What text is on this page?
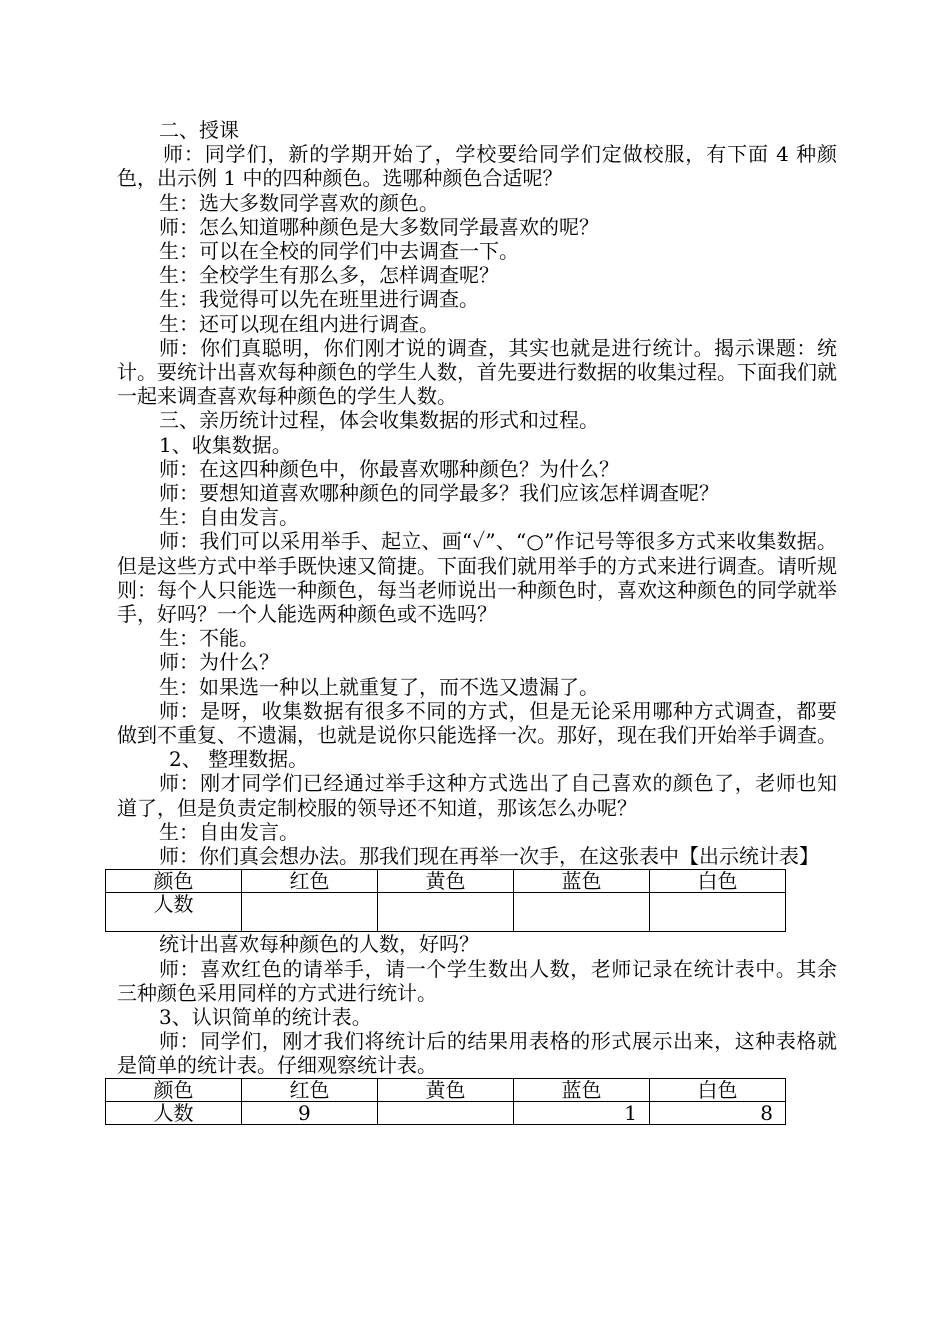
二、授课

师：同学们，新的学期开始了，学校要给同学们定做校服，有下面 4 种颜色，出示例 1 中的四种颜色。选哪种颜色合适呢？

生：选大多数同学喜欢的颜色。

师：怎么知道哪种颜色是大多数同学最喜欢的呢？

生：可以在全校的同学们中去调查一下。

生：全校学生有那么多，怎样调查呢？

生：我觉得可以先在班里进行调查。

生：还可以现在组内进行调查。

师：你们真聪明，你们刚才说的调查，其实也就是进行统计。揭示课题：统计。要统计出喜欢每种颜色的学生人数，首先要进行数据的收集过程。下面我们就一起来调查喜欢每种颜色的学生人数。

三、亲历统计过程，体会收集数据的形式和过程。

1、收集数据。

师：在这四种颜色中，你最喜欢哪种颜色？为什么？

师：要想知道喜欢哪种颜色的同学最多？我们应该怎样调查呢？

生：自由发言。

师：我们可以采用举手、起立、画“✓”、“○”作记号等很多方式来收集数据。但是这些方式中举手既快速又简捷。下面我们就用举手的方式来进行调查。请听规则：每个人只能选一种颜色，每当老师说出一种颜色时，喜欢这种颜色的同学就举手，好吗？一个人能选两种颜色或不选吗？

生：不能。

师：为什么？

生：如果选一种以上就重复了，而不选又遗漏了。

师：是呀，收集数据有很多不同的方式，但是无论采用哪种方式调查，都要做到不重复、不遗漏，也就是说你只能选择一次。那好，现在我们开始举手调查。

2、 整理数据。

师：刚才同学们已经通过举手这种方式选出了自己喜欢的颜色了，老师也知道了，但是负责定制校服的领导还不知道，那该怎么办呢？

生：自由发言。

师：你们真会想办法。那我们现在再举一次手，在这张表中【出示统计表】

颜色	红色	黄色	蓝色	白色
人数				

统计出喜欢每种颜色的人数，好吗？

师：喜欢红色的请举手，请一个学生数出人数，老师记录在统计表中。其余三种颜色采用同样的方式进行统计。

3、认识简单的统计表。

师：同学们，刚才我们将统计后的结果用表格的形式展示出来，这种表格就是简单的统计表。仔细观察统计表。

颜色	红色	黄色	蓝色	白色
人数	9		1	8
